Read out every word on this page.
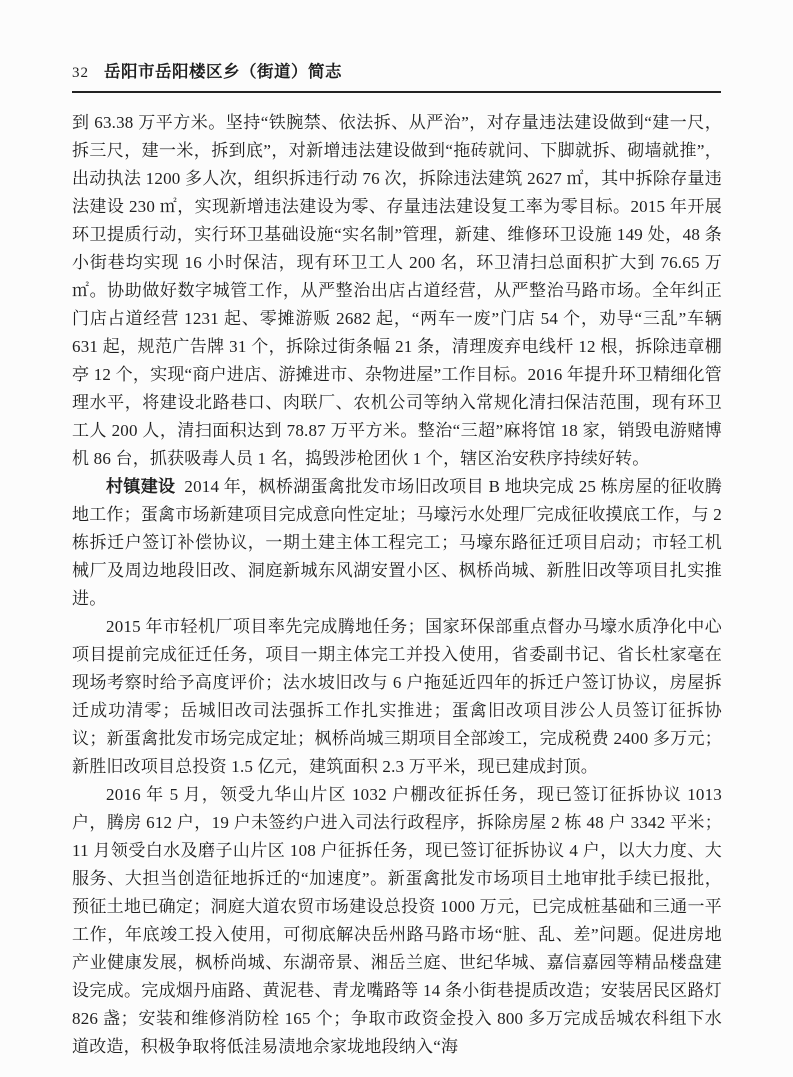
32 岳阳市岳阳楼区乡（街道）简志

到 63.38 万平方米。坚持“铁腕禁、依法拆、从严治”，对存量违法建设做到“建一尺，拆三尺，建一米，拆到底”，对新增违法建设做到“拖砖就问、下脚就拆、砌墙就推”，出动执法 1200 多人次，组织拆违行动 76 次，拆除违法建筑 2627 ㎡，其中拆除存量违法建设 230 ㎡，实现新增违法建设为零、存量违法建设复工率为零目标。2015 年开展环卫提质行动，实行环卫基础设施“实名制”管理，新建、维修环卫设施 149 处，48 条小街巷均实现 16 小时保洁，现有环卫工人 200 名，环卫清扫总面积扩大到 76.65 万㎡。协助做好数字城管工作，从严整治出店占道经营，从严整治马路市场。全年纠正门店占道经营 1231 起、零摊游贩 2682 起，“两车一废”门店 54 个，劝导“三乱”车辆 631 起，规范广告牌 31 个，拆除过街条幅 21 条，清理废弃电线杆 12 根，拆除违章棚亭 12 个，实现“商户进店、游摊进市、杂物进屋”工作目标。2016 年提升环卫精细化管理水平，将建设北路巷口、肉联厂、农机公司等纳入常规化清扫保洁范围，现有环卫工人 200 人，清扫面积达到 78.87 万平方米。整治“三超”麻将馆 18 家，销毁电游赌博机 86 台，抓获吸毒人员 1 名，捣毁涉枪团伙 1 个，辖区治安秩序持续好转。

村镇建设 2014 年，枫桥湖蛋禽批发市场旧改项目 B 地块完成 25 栋房屋的征收腾地工作；蛋禽市场新建项目完成意向性定址；马壕污水处理厂完成征收摸底工作，与 2 栋拆迁户签订补偿协议，一期土建主体工程完工；马壕东路征迁项目启动；市轻工机械厂及周边地段旧改、洞庭新城东风湖安置小区、枫桥尚城、新胜旧改等项目扎实推进。

2015 年市轻机厂项目率先完成腾地任务；国家环保部重点督办马壕水质净化中心项目提前完成征迁任务，项目一期主体完工并投入使用，省委副书记、省长杜家毫在现场考察时给予高度评价；法水坡旧改与 6 户拖延近四年的拆迁户签订协议，房屋拆迁成功清零；岳城旧改司法强拆工作扎实推进；蛋禽旧改项目涉公人员签订征拆协议；新蛋禽批发市场完成定址；枫桥尚城三期项目全部竣工，完成税费 2400 多万元；新胜旧改项目总投资 1.5 亿元，建筑面积 2.3 万平米，现已建成封顶。

2016 年 5 月，领受九华山片区 1032 户棚改征拆任务，现已签订征拆协议 1013 户，腾房 612 户，19 户未签约户进入司法行政程序，拆除房屋 2 栋 48 户 3342 平米；11 月领受白水及磨子山片区 108 户征拆任务，现已签订征拆协议 4 户，以大力度、大服务、大担当创造征地拆迁的“加速度”。新蛋禽批发市场项目土地审批手续已报批，预征土地已确定；洞庭大道农贸市场建设总投资 1000 万元，已完成桩基础和三通一平工作，年底竣工投入使用，可彻底解决岳州路马路市场“脏、乱、差”问题。促进房地产业健康发展，枫桥尚城、东湖帝景、湘岳兰庭、世纪华城、嘉信嘉园等精品楼盘建设完成。完成烟丹庙路、黄泥巷、青龙嘴路等 14 条小街巷提质改造；安装居民区路灯 826 盏；安装和维修消防栓 165 个；争取市政资金投入 800 多万完成岳城农科组下水道改造，积极争取将低洼易渍地佘家垅地段纳入“海
